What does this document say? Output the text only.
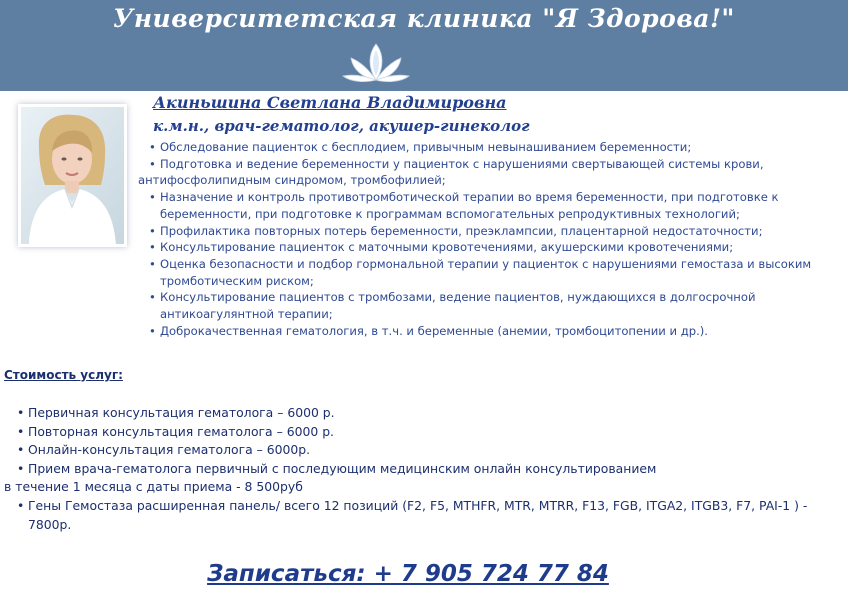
Университетская клиника "Я Здорова!"
Акиньшина Светлана Владимировна
к.м.н., врач-гематолог, акушер-гинеколог
• Обследование пациенток с бесплодием, привычным невынашиванием беременности;
• Подготовка и ведение беременности у пациенток с нарушениями свертывающей системы крови,
антифосфолипидным синдромом, тромбофилией;
• Назначение и контроль противотромботической терапии во время беременности, при подготовке к беременности, при подготовке к программам вспомогательных репродуктивных технологий;
• Профилактика повторных потерь беременности, преэклампсии, плацентарной недостаточности;
• Консультирование пациенток с маточными кровотечениями, акушерскими кровотечениями;
• Оценка безопасности и подбор гормональной терапии у пациенток с нарушениями гемостаза и высоким тромботическим риском;
• Консультирование пациентов с тромбозами, ведение пациентов, нуждающихся в долгосрочной антикоагулянтной терапии;
• Доброкачественная гематология, в т.ч. и беременные (анемии, тромбоцитопении и др.).
Стоимость услуг:
• Первичная консультация гематолога – 6000 р.
• Повторная консультация гематолога – 6000 р.
• Онлайн-консультация гематолога – 6000р.
• Прием врача-гематолога первичный с последующим медицинским онлайн консультированием
в течение 1 месяца с даты приема - 8 500руб
• Гены Гемостаза расширенная панель/ всего 12 позиций (F2, F5, MTHFR, MTR, MTRR, F13, FGB, ITGA2, ITGB3, F7, PAI-1 ) - 7800р.
Записаться: + 7 905 724 77 84
